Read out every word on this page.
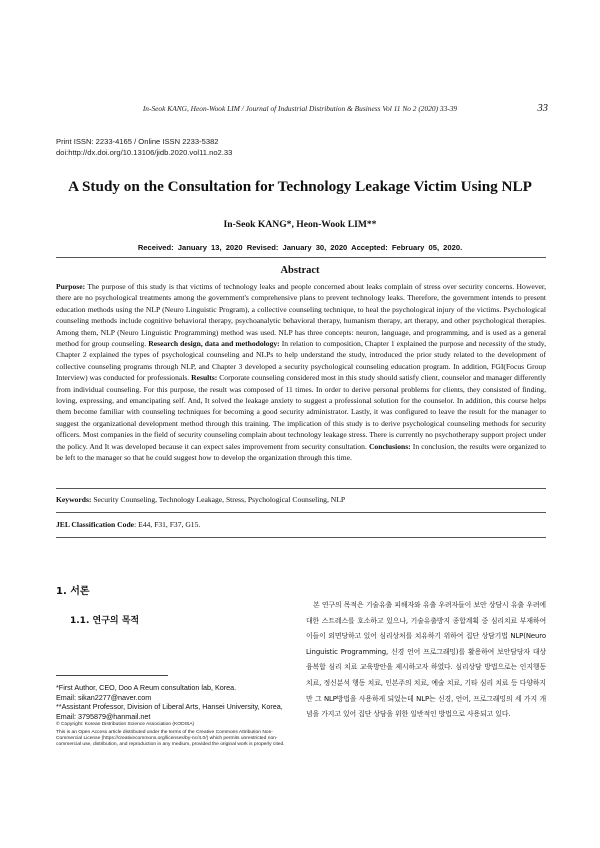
In-Seok KANG, Heon-Wook LIM / Journal of Industrial Distribution & Business Vol 11 No 2 (2020) 33-39	33
Print ISSN: 2233-4165 / Online ISSN 2233-5382
doi:http://dx.doi.org/10.13106/jidb.2020.vol11.no2.33
A Study on the Consultation for Technology Leakage Victim Using NLP
In-Seok KANG*, Heon-Wook LIM**
Received: January 13, 2020 Revised: January 30, 2020 Accepted: February 05, 2020.
Abstract
Purpose: The purpose of this study is that victims of technology leaks and people concerned about leaks complain of stress over security concerns. However, there are no psychological treatments among the government's comprehensive plans to prevent technology leaks. Therefore, the government intends to present education methods using the NLP (Neuro Linguistic Program), a collective counseling technique, to heal the psychological injury of the victims. Psychological counseling methods include cognitive behavioral therapy, psychoanalytic behavioral therapy, humanism therapy, art therapy, and other psychological therapies. Among them, NLP (Neuro Linguistic Programming) method was used. NLP has three concepts: neuron, language, and programming, and is used as a general method for group counseling. Research design, data and methodology: In relation to composition, Chapter 1 explained the purpose and necessity of the study, Chapter 2 explained the types of psychological counseling and NLPs to help understand the study, introduced the prior study related to the development of collective counseling programs through NLP, and Chapter 3 developed a security psychological counseling education program. In addition, FGI(Focus Group Interview) was conducted for professionals. Results: Corporate counseling considered most in this study should satisfy client, counselor and manager differently from individual counseling. For this purpose, the result was composed of 11 times. In order to derive personal problems for clients, they consisted of finding, loving, expressing, and emancipating self. And, It solved the leakage anxiety to suggest a professional solution for the counselor. In addition, this course helps them become familiar with counseling techniques for becoming a good security administrator. Lastly, it was configured to leave the result for the manager to suggest the organizational development method through this training. The implication of this study is to derive psychological counseling methods for security officers. Most companies in the field of security counseling complain about technology leakage stress. There is currently no psychotherapy support project under the policy. And It was developed because it can expect sales improvement from security consultation. Conclusions: In conclusion, the results were organized to be left to the manager so that he could suggest how to develop the organization through this time.
Keywords: Security Counseling, Technology Leakage, Stress, Psychological Counseling, NLP
JEL Classification Code: E44, F31, F37, G15.
1. 서론
1.1. 연구의 목적
본 연구의 목적은 기술유출 피해자와 유출 우려자들이 보안 상담시 유출 우려에 대한 스트레스를 호소하고 있으나, 기술유출방지 종합계획 중 심리치료 부재하여 이들이 외면당하고 있어 심리상처를 치유하기 위하여 집단 상담기법 NLP(Neuro Linguistic Programming, 신경 언어 프로그래밍)를 활용하여 보안담당자 대상 융복합 심리 치료 교육방안을 제시하고자 하였다. 심리상담 방법으로는 인지행동 치료, 정신분석 행동 치료, 인본주의 치료, 예술 치료, 기타 심리 치료 등 다양하지만 그 NLP방법을 사용하게 되었는데 NLP는 신경, 언어, 프로그래밍의 세 가지 개념을 가지고 있어 집단 상담을 위한 일반적인 방법으로 사용되고 있다.
*First Author, CEO, Doo A Reum consultation lab, Korea.
Email: sikan2277@naver.com
**Assistant Professor, Division of Liberal Arts, Hansei University, Korea, Email: 3795879@hanmail.net
© Copyright: Korean Distribution Science Association (KODISA)
This is an Open Access article distributed under the terms of the Creative Commons Attribution Non-Commercial License (https://creativecommons.org/licenses/by-nc/4.0/) which permits unrestricted non-commercial use, distribution, and reproduction in any medium, provided the original work is properly cited.
